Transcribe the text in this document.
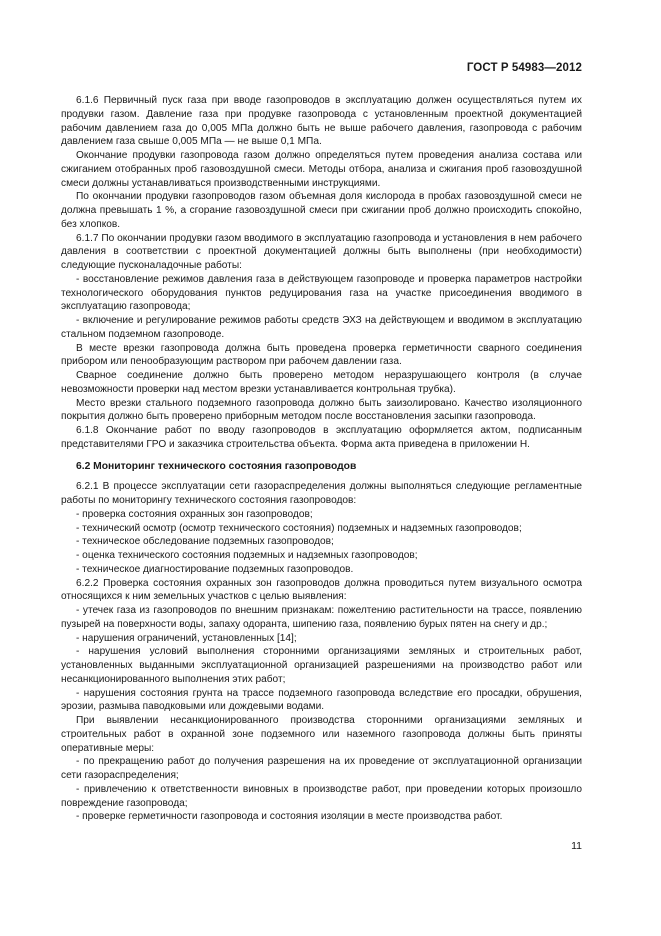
ГОСТ Р 54983—2012

6.1.6 Первичный пуск газа при вводе газопроводов в эксплуатацию должен осуществляться путем их продувки газом. Давление газа при продувке газопровода с установленным проектной документацией рабочим давлением газа до 0,005 МПа должно быть не выше рабочего давления, газопровода с рабочим давлением газа свыше 0,005 МПа — не выше 0,1 МПа.

Окончание продувки газопровода газом должно определяться путем проведения анализа состава или сжиганием отобранных проб газовоздушной смеси. Методы отбора, анализа и сжигания проб газовоздушной смеси должны устанавливаться производственными инструкциями.

По окончании продувки газопроводов газом объемная доля кислорода в пробах газовоздушной смеси не должна превышать 1 %, а сгорание газовоздушной смеси при сжигании проб должно происходить спокойно, без хлопков.

6.1.7 По окончании продувки газом вводимого в эксплуатацию газопровода и установления в нем рабочего давления в соответствии с проектной документацией должны быть выполнены (при необходимости) следующие пусконаладочные работы:

- восстановление режимов давления газа в действующем газопроводе и проверка параметров настройки технологического оборудования пунктов редуцирования газа на участке присоединения вводимого в эксплуатацию газопровода;

- включение и регулирование режимов работы средств ЭХЗ на действующем и вводимом в эксплуатацию стальном подземном газопроводе.

В месте врезки газопровода должна быть проведена проверка герметичности сварного соединения прибором или пенообразующим раствором при рабочем давлении газа.

Сварное соединение должно быть проверено методом неразрушающего контроля (в случае невозможности проверки над местом врезки устанавливается контрольная трубка).

Место врезки стального подземного газопровода должно быть заизолировано. Качество изоляционного покрытия должно быть проверено приборным методом после восстановления засыпки газопровода.

6.1.8 Окончание работ по вводу газопроводов в эксплуатацию оформляется актом, подписанным представителями ГРО и заказчика строительства объекта. Форма акта приведена в приложении Н.

6.2 Мониторинг технического состояния газопроводов

6.2.1 В процессе эксплуатации сети газораспределения должны выполняться следующие регламентные работы по мониторингу технического состояния газопроводов:

- проверка состояния охранных зон газопроводов;

- технический осмотр (осмотр технического состояния) подземных и надземных газопроводов;

- техническое обследование подземных газопроводов;

- оценка технического состояния подземных и надземных газопроводов;

- техническое диагностирование подземных газопроводов.

6.2.2 Проверка состояния охранных зон газопроводов должна проводиться путем визуального осмотра относящихся к ним земельных участков с целью выявления:

- утечек газа из газопроводов по внешним признакам: пожелтению растительности на трассе, появлению пузырей на поверхности воды, запаху одоранта, шипению газа, появлению бурых пятен на снегу и др.;

- нарушения ограничений, установленных [14];

- нарушения условий выполнения сторонними организациями земляных и строительных работ, установленных выданными эксплуатационной организацией разрешениями на производство работ или несанкционированного выполнения этих работ;

- нарушения состояния грунта на трассе подземного газопровода вследствие его просадки, обрушения, эрозии, размыва паводковыми или дождевыми водами.

При выявлении несанкционированного производства сторонними организациями земляных и строительных работ в охранной зоне подземного или наземного газопровода должны быть приняты оперативные меры:

- по прекращению работ до получения разрешения на их проведение от эксплуатационной организации сети газораспределения;

- привлечению к ответственности виновных в производстве работ, при проведении которых произошло повреждение газопровода;

- проверке герметичности газопровода и состояния изоляции в месте производства работ.

11
